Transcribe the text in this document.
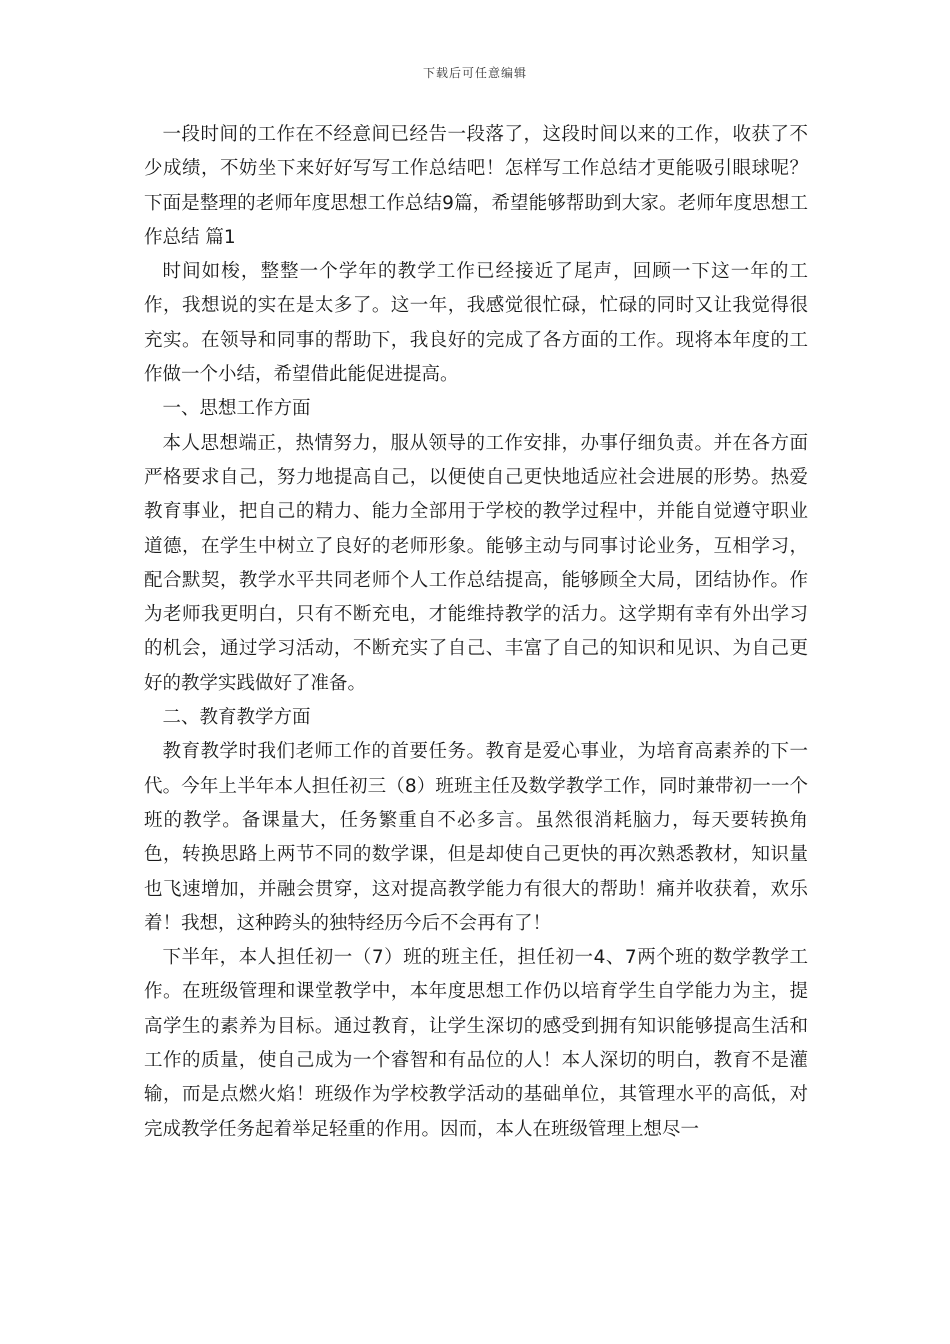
下载后可任意编辑

一段时间的工作在不经意间已经告一段落了，这段时间以来的工作，收获了不少成绩，不妨坐下来好好写写工作总结吧！怎样写工作总结才更能吸引眼球呢？下面是整理的老师年度思想工作总结9篇，希望能够帮助到大家。老师年度思想工作总结 篇1

时间如梭，整整一个学年的教学工作已经接近了尾声，回顾一下这一年的工作，我想说的实在是太多了。这一年，我感觉很忙碌，忙碌的同时又让我觉得很充实。在领导和同事的帮助下，我良好的完成了各方面的工作。现将本年度的工作做一个小结，希望借此能促进提高。

一、思想工作方面

本人思想端正，热情努力，服从领导的工作安排，办事仔细负责。并在各方面严格要求自己，努力地提高自己，以便使自己更快地适应社会进展的形势。热爱教育事业，把自己的精力、能力全部用于学校的教学过程中，并能自觉遵守职业道德，在学生中树立了良好的老师形象。能够主动与同事讨论业务，互相学习，配合默契，教学水平共同老师个人工作总结提高，能够顾全大局，团结协作。作为老师我更明白，只有不断充电，才能维持教学的活力。这学期有幸有外出学习的机会，通过学习活动，不断充实了自己、丰富了自己的知识和见识、为自己更好的教学实践做好了准备。

二、教育教学方面

教育教学时我们老师工作的首要任务。教育是爱心事业，为培育高素养的下一代。今年上半年本人担任初三（8）班班主任及数学教学工作，同时兼带初一一个班的教学。备课量大，任务繁重自不必多言。虽然很消耗脑力，每天要转换角色，转换思路上两节不同的数学课，但是却使自己更快的再次熟悉教材，知识量也飞速增加，并融会贯穿，这对提高教学能力有很大的帮助！痛并收获着，欢乐着！我想，这种跨头的独特经历今后不会再有了！

下半年，本人担任初一（7）班的班主任，担任初一4、7两个班的数学教学工作。在班级管理和课堂教学中，本年度思想工作仍以培育学生自学能力为主，提高学生的素养为目标。通过教育，让学生深切的感受到拥有知识能够提高生活和工作的质量，使自己成为一个睿智和有品位的人！本人深切的明白，教育不是灌输，而是点燃火焰！班级作为学校教学活动的基础单位，其管理水平的高低，对完成教学任务起着举足轻重的作用。因而，本人在班级管理上想尽一
